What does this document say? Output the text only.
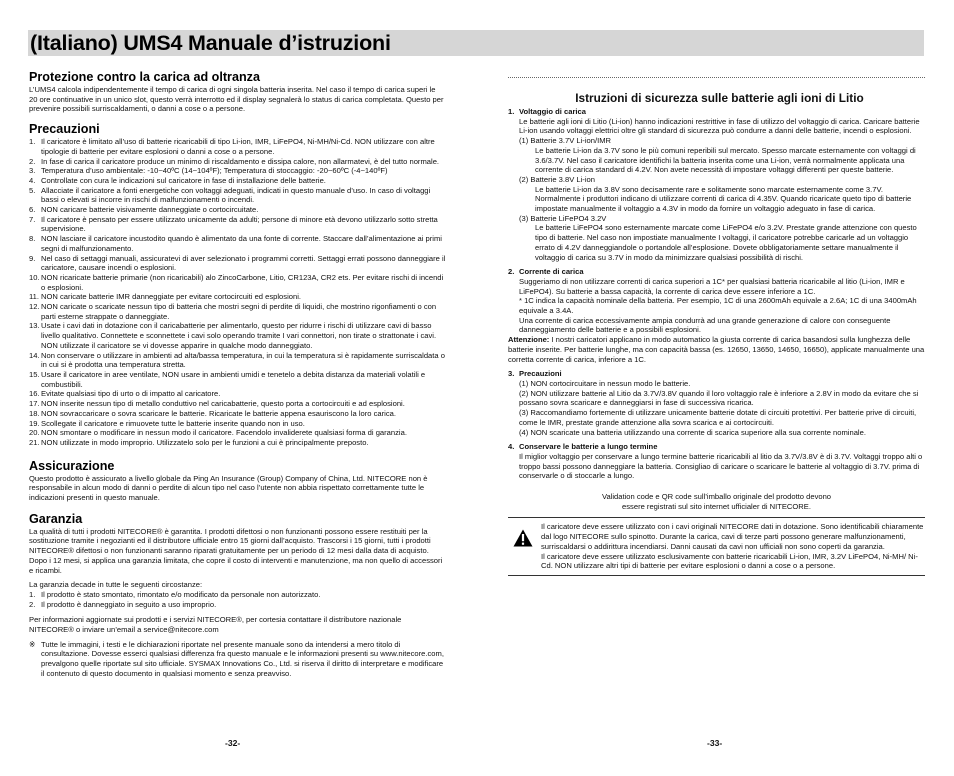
(Italiano) UMS4 Manuale d’istruzioni
Protezione contro la carica ad oltranza

L’UMS4 calcola indipendentemente il tempo di carica di ogni singola batteria inserita. Nel caso il tempo di carica superi le 20 ore continuative in un unico slot, questo verrà interrotto ed il display segnalerà lo status di carica completata. Questo per prevenire possibili surriscaldamenti, o danni a cose o a persone.

Precauzioni
1. Il caricatore è limitato all’uso di batterie ricaricabili di tipo Li-ion, IMR, LiFePO4, Ni-MH/Ni-Cd. NON utilizzare con altre tipologie di batterie per evitare esplosioni o danni a cose o a persone.
2. In fase di carica il caricatore produce un minimo di riscaldamento e dissipa calore, non allarmatevi, è del tutto normale.
3. Temperatura d’uso ambientale: -10~40ºC (14~104ºF); Temperatura di stoccaggio: -20~60ºC (-4~140ºF)
4. Controllate con cura le indicazioni sul caricatore in fase di installazione delle batterie.
5. Allacciate il caricatore a fonti energetiche con voltaggi adeguati, indicati in questo manuale d’uso. In caso di voltaggi bassi o elevati si incorre in rischi di malfunzionamenti o incendi.
6. NON caricare batterie visivamente danneggiate o cortocircuitate.
7. Il caricatore è pensato per essere utilizzato unicamente da adulti; persone di minore età devono utilizzarlo sotto stretta supervisione.
8. NON lasciare il caricatore incustodito quando è alimentato da una fonte di corrente. Staccare dall’alimentazione ai primi segni di malfunzionamento.
9. Nel caso di settaggi manuali, assicuratevi di aver selezionato i programmi corretti. Settaggi errati possono danneggiare il caricatore, causare incendi o esplosioni.
10. NON ricaricate batterie primarie (non ricaricabili) alo ZincoCarbone, Litio, CR123A, CR2 ets. Per evitare rischi di incendi o esplosioni.
11. NON caricate batterie IMR danneggiate per evitare cortocircuiti ed esplosioni.
12. NON caricate o scaricate nessun tipo di batteria che mostri segni di perdite di liquidi, che mostrino rigonfiamenti o con parti esterne strappate o danneggiate.
13. Usate i cavi dati in dotazione con il caricabatterie per alimentarlo, questo per ridurre i rischi di utilizzare cavi di basso livello qualitativo. Connettete e sconnettete i cavi solo operando tramite I vari connettori, non tirate o strattonate i cavi. NON utilizzate il caricatore se vi dovesse apparire in qualche modo danneggiato.
14. Non conservare o utilizzare in ambienti ad alta/bassa temperatura, in cui la temperatura si è rapidamente surriscaldata o in cui si è prodotta una temperatura stretta.
15. Usare il caricatore in aree ventilate, NON usare in ambienti umidi e tenetelo a debita distanza da materiali volatili e combustibili.
16. Evitate qualsiasi tipo di urto o di impatto al caricatore.
17. NON inserite nessun tipo di metallo conduttivo nel caricabatterie, questo porta a cortocircuiti e ad esplosioni.
18. NON sovraccaricare o sovra scaricare le batterie. Ricaricate le batterie appena esauriscono la loro carica.
19. Scollegate il caricatore e rimuovete tutte le batterie inserite quando non in uso.
20. NON smontare o modificare in nessun modo il caricatore. Facendolo invaliderete qualsiasi forma di garanzia.
21. NON utilizzate in modo improprio. Utilizzatelo solo per le funzioni a cui è principalmente preposto.
Assicurazione

Questo prodotto è assicurato a livello globale da Ping An Insurance (Group) Company of China, Ltd. NITECORE non è responsabile in alcun modo di danni o perdite di alcun tipo nel caso l’utente non abbia rispettato correttamente tutte le indicazioni presenti in questo manuale.

Garanzia

La qualità di tutti i prodotti NITECORE® è garantita. I prodotti difettosi o non funzionanti possono essere restituiti per la sostituzione tramite i negozianti ed il distributore ufficiale entro 15 giorni dall’acquisto. Trascorsi i 15 giorni, tutti i prodotti NITECORE® difettosi o non funzionanti saranno riparati gratuitamente per un periodo di 12 mesi dalla data di acquisto. Dopo i 12 mesi, si applica una garanzia limitata, che copre il costo di interventi e manutenzione, ma non quello di accessori e ricambi.

La garanzia decade in tutte le seguenti circostanze:

1. Il prodotto è stato smontato, rimontato e/o modificato da personale non autorizzato.
2. Il prodotto è danneggiato in seguito a uso improprio.

Per informazioni aggiornate sui prodotti e i servizi NITECORE®, per cortesia contattare il distributore nazionale NITECORE® o inviare un’email a service@nitecore.com

※ Tutte le immagini, i testi e le dichiarazioni riportate nel presente manuale sono da intendersi a mero titolo di consultazione. Dovesse esserci qualsiasi differenza fra questo manuale e le informazioni presenti su www.nitecore.com, prevalgono quelle riportate sul sito ufficiale. SYSMAX Innovations Co., Ltd. si riserva il diritto di interpretare e modificare il contenuto di questo documento in qualsiasi momento e senza preavviso.
Istruzioni di sicurezza sulle batterie agli ioni di Litio
1. Voltaggio di carica
Le batterie agli ioni di Litio (Li-ion) hanno indicazioni restrittive in fase di utilizzo del voltaggio di carica. Caricare batterie Li-ion usando voltaggi elettrici oltre gli standard di sicurezza può condurre a danni delle batterie, incendi o esplosioni.
(1) Batterie 3.7V Li-ion/IMR
Le batterie Li-ion da 3.7V sono le più comuni reperibili sul mercato. Spesso marcate esternamente con voltaggi di 3.6/3.7V. Nel caso il caricatore identifichi la batteria inserita come una Li-ion, verrà normalmente applicata una corrente di carica standard di 4.2V. Non avete necessità di impostare voltaggi differenti per queste batterie.
(2) Batterie 3.8V Li-ion
Le batterie Li-ion da 3.8V sono decisamente rare e solitamente sono marcate esternamente come 3.7V. Normalmente i produttori indicano di utilizzare correnti di carica di 4.35V. Quando ricaricate queto tipo di batterie impostate manualmente il voltaggio a 4.3V in modo da fornire un voltaggio adeguato in fase di carica.
(3) Batterie LiFePO4 3.2V
Le batterie LiFePO4 sono esternamente marcate come LiFePO4 e/o 3.2V. Prestate grande attenzione con questo tipo di batterie. Nel caso non impostiate manualmente I voltaggi, il caricatore potrebbe caricarle ad un voltaggio errato di 4.2V danneggiandole o portandole all’esplosione. Dovete obbligatoriamente settare manualmente il voltaggio di carica su 3.7V in modo da minimizzare qualsiasi possibilità di rischi.
2. Corrente di carica
Suggeriamo di non utilizzare correnti di carica superiori a 1C* per qualsiasi batteria ricaricabile al litio (Li-ion, IMR e LiFePO4). Su batterie a bassa capacità, la corrente di carica deve essere inferiore a 1C.
* 1C indica la capacità nominale della batteria. Per esempio, 1C di una 2600mAh equivale a 2.6A; 1C di una 3400mAh equivale a 3.4A.
Una corrente di carica eccessivamente ampia condurrà ad una grande generazione di calore con conseguente danneggiamento delle batterie e a possibili esplosioni.
Attenzione: I nostri caricatori applicano in modo automatico la giusta corrente di carica basandosi sulla lunghezza delle batterie inserite. Per batterie lunghe, ma con capacità bassa (es. 12650, 13650, 14650, 16650), applicate manualmente una corretta corrente di carica, inferiore a 1C.
3. Precauzioni
(1) NON cortocircuitare in nessun modo le batterie.
(2) NON utilizzare batterie al Litio da 3.7V/3.8V quando il loro voltaggio rale è inferiore a 2.8V in modo da evitare che si possano sovra scaricare e danneggiarsi in fase di successiva ricarica.
(3) Raccomandiamo fortemente di utilizzare unicamente batterie dotate di circuiti protettivi. Per batterie prive di circuiti, come le IMR, prestate grande attenzione alla sovra scarica e ai cortocircuiti.
(4) NON scaricate una batteria utilizzando una corrente di scarica superiore alla sua corrente nominale.
4. Conservare le batterie a lungo termine
Il miglior voltaggio per conservare a lungo termine batterie ricaricabili al litio da 3.7V/3.8V è di 3.7V. Voltaggi troppo alti o troppo bassi possono danneggiare la batteria. Consigliao di caricare o scaricare le batterie al voltaggio di 3.7V. prima di conservarle o di stoccarle a lungo.
Validation code e QR code sull’imballo originale del prodotto devono
essere registrati sul sito internet ufficialer di NITECORE.
Il caricatore deve essere utilizzato con i cavi originali NITECORE dati in dotazione. Sono identificabili chiaramente dal logo NITECORE sullo spinotto. Durante la carica, cavi di terze parti possono generare malfunzionamenti, surriscaldarsi o addirittura incendiarsi. Danni causati da cavi non ufficiali non sono coperti da garanzia.
Il caricatore deve essere utilizzato esclusivamente con batterie ricaricabili Li-ion, IMR, 3.2V LiFePO4, Ni-MH/ Ni-Cd. NON utilizzare altri tipi di batterie per evitare esplosioni o danni a cose o a persone.
-32-	-33-
